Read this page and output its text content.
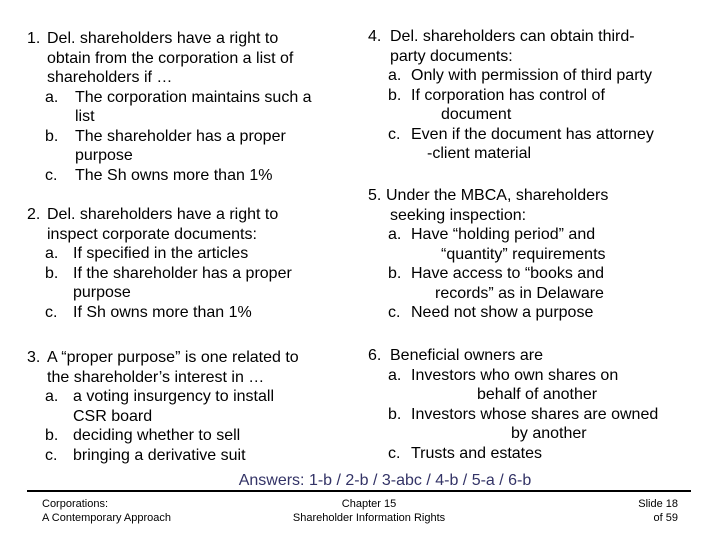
1. Del. shareholders have a right to
obtain from the corporation a list of
shareholders if …
a. The corporation maintains such a
list
b. The shareholder has a proper
purpose
c. The Sh owns more than 1%
2. Del. shareholders have a right to
inspect corporate documents:
a. If specified in the articles
b. If the shareholder has a proper
purpose
c. If Sh owns more than 1%
3. A “proper purpose” is one related to
the shareholder’s interest in …
a. a voting insurgency to install
CSR board
b. deciding whether to sell
c. bringing a derivative suit
4. Del. shareholders can obtain third-
party documents:
a. Only with permission of third party
b. If corporation has control of
document
c. Even if the document has attorney
-client material
5. Under the MBCA, shareholders
seeking inspection:
a. Have “holding period” and
“quantity” requirements
b. Have access to “books and
records” as in Delaware
c. Need not show a purpose
6. Beneficial owners are
a. Investors who own shares on
behalf of another
b. Investors whose shares are owned
by another
c. Trusts and estates
Answers: 1-b / 2-b / 3-abc / 4-b / 5-a / 6-b
Corporations:
A Contemporary Approach
Chapter 15
Shareholder Information Rights
Slide 18
of 59
